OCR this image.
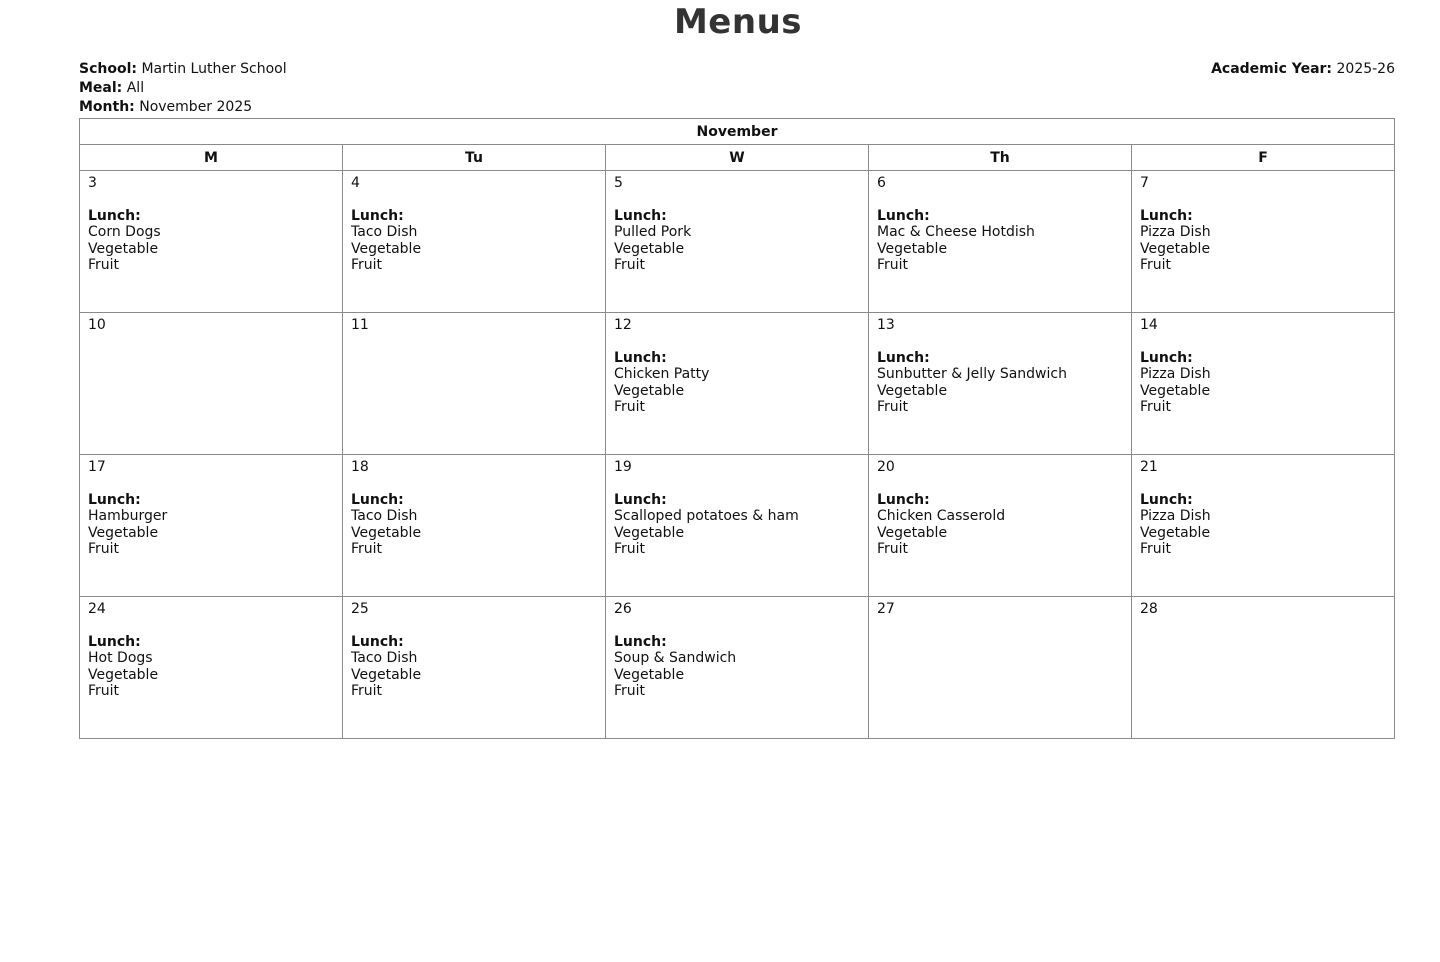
Menus
School: Martin Luther School
Meal: All
Month: November 2025
Academic Year: 2025-26
November				
M	Tu	W	Th	F

3
Lunch:
Corn Dogs
Vegetable
Fruit	4
Lunch:
Taco Dish
Vegetable
Fruit	5
Lunch:
Pulled Pork
Vegetable
Fruit	6
Lunch:
Mac & Cheese Hotdish
Vegetable
Fruit	7
Lunch:
Pizza Dish
Vegetable
Fruit

10	11	12
Lunch:
Chicken Patty
Vegetable
Fruit	13
Lunch:
Sunbutter & Jelly Sandwich
Vegetable
Fruit	14
Lunch:
Pizza Dish
Vegetable
Fruit

17
Lunch:
Hamburger
Vegetable
Fruit	18
Lunch:
Taco Dish
Vegetable
Fruit	19
Lunch:
Scalloped potatoes & ham
Vegetable
Fruit	20
Lunch:
Chicken Casserold
Vegetable
Fruit	21
Lunch:
Pizza Dish
Vegetable
Fruit

24
Lunch:
Hot Dogs
Vegetable
Fruit	25
Lunch:
Taco Dish
Vegetable
Fruit	26
Lunch:
Soup & Sandwich
Vegetable
Fruit	27	28
